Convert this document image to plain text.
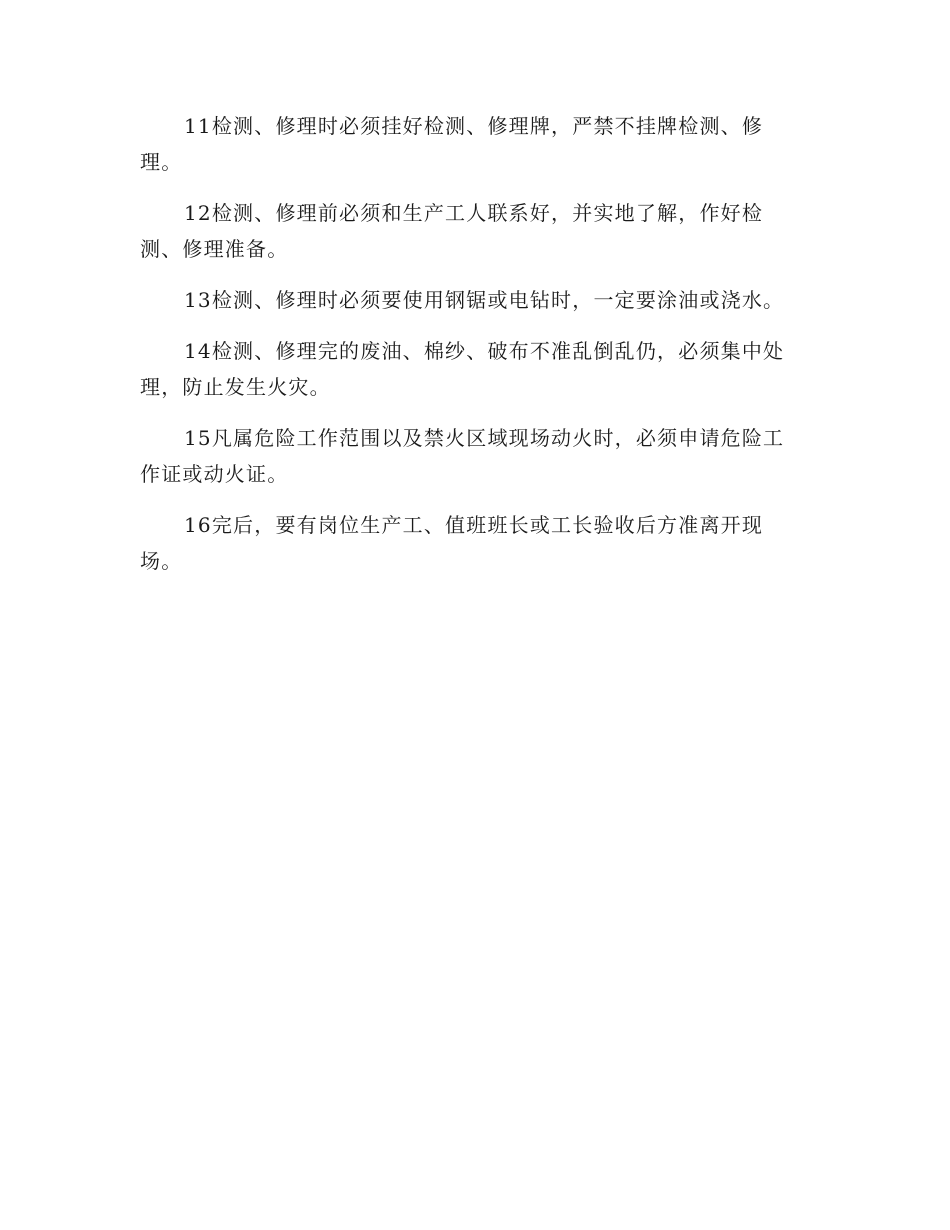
11检测、修理时必须挂好检测、修理牌，严禁不挂牌检测、修理。

12检测、修理前必须和生产工人联系好，并实地了解，作好检测、修理准备。

13检测、修理时必须要使用钢锯或电钻时，一定要涂油或浇水。

14检测、修理完的废油、棉纱、破布不准乱倒乱仍，必须集中处理，防止发生火灾。

15凡属危险工作范围以及禁火区域现场动火时，必须申请危险工作证或动火证。

16完后，要有岗位生产工、值班班长或工长验收后方准离开现场。
